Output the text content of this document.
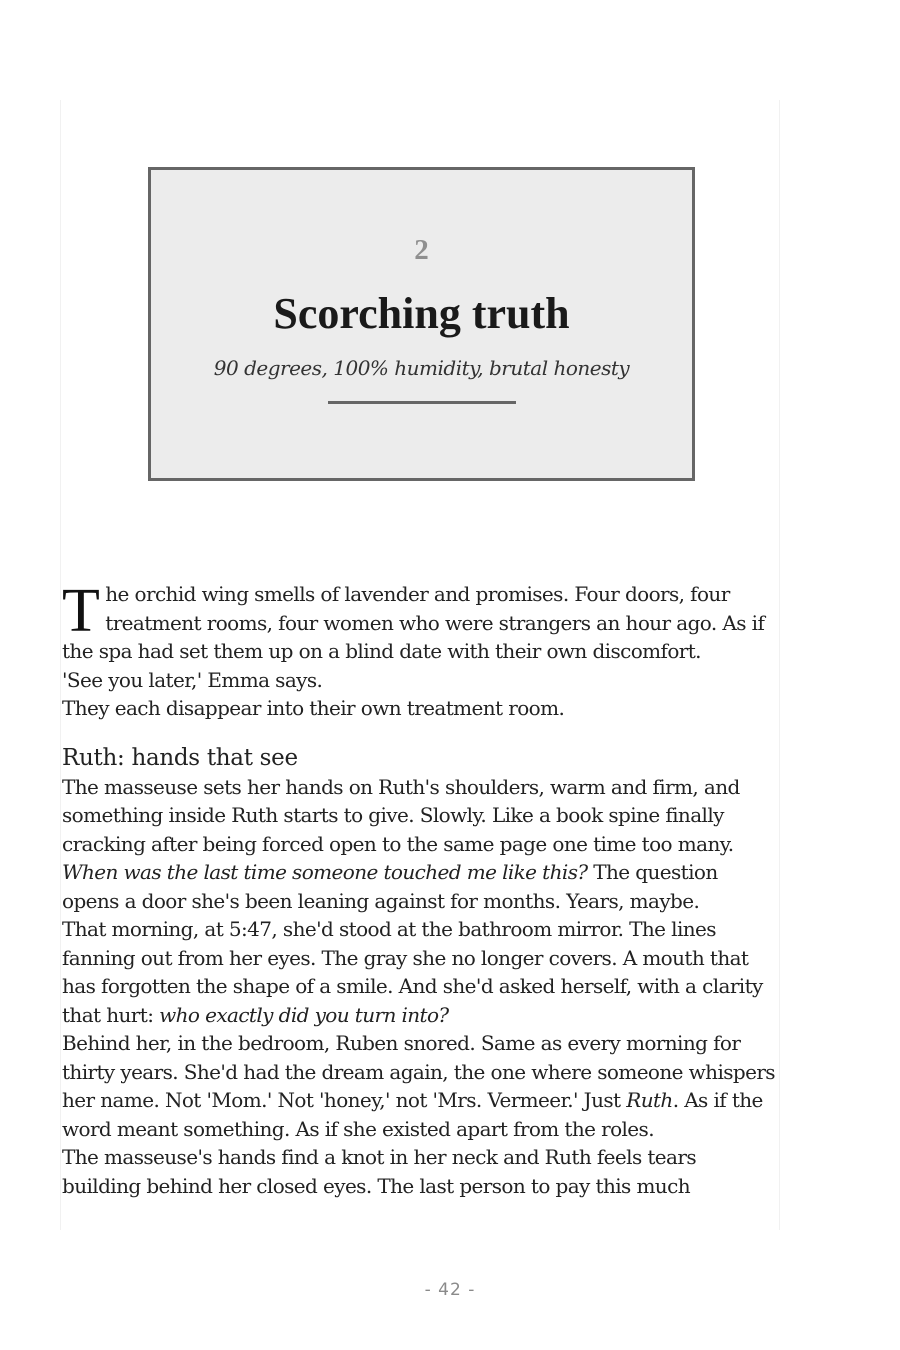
2
Scorching truth
90 degrees, 100% humidity, brutal honesty

The orchid wing smells of lavender and promises. Four doors, four treatment rooms, four women who were strangers an hour ago. As if the spa had set them up on a blind date with their own discomfort.

'See you later,' Emma says.

They each disappear into their own treatment room.

Ruth: hands that see

The masseuse sets her hands on Ruth's shoulders, warm and firm, and something inside Ruth starts to give. Slowly. Like a book spine finally cracking after being forced open to the same page one time too many.

When was the last time someone touched me like this? The question opens a door she's been leaning against for months. Years, maybe.

That morning, at 5:47, she'd stood at the bathroom mirror. The lines fanning out from her eyes. The gray she no longer covers. A mouth that has forgotten the shape of a smile. And she'd asked herself, with a clarity that hurt: who exactly did you turn into?

Behind her, in the bedroom, Ruben snored. Same as every morning for thirty years. She'd had the dream again, the one where someone whispers her name. Not 'Mom.' Not 'honey,' not 'Mrs. Vermeer.' Just Ruth. As if the word meant something. As if she existed apart from the roles.

The masseuse's hands find a knot in her neck and Ruth feels tears building behind her closed eyes. The last person to pay this much

- 42 -
